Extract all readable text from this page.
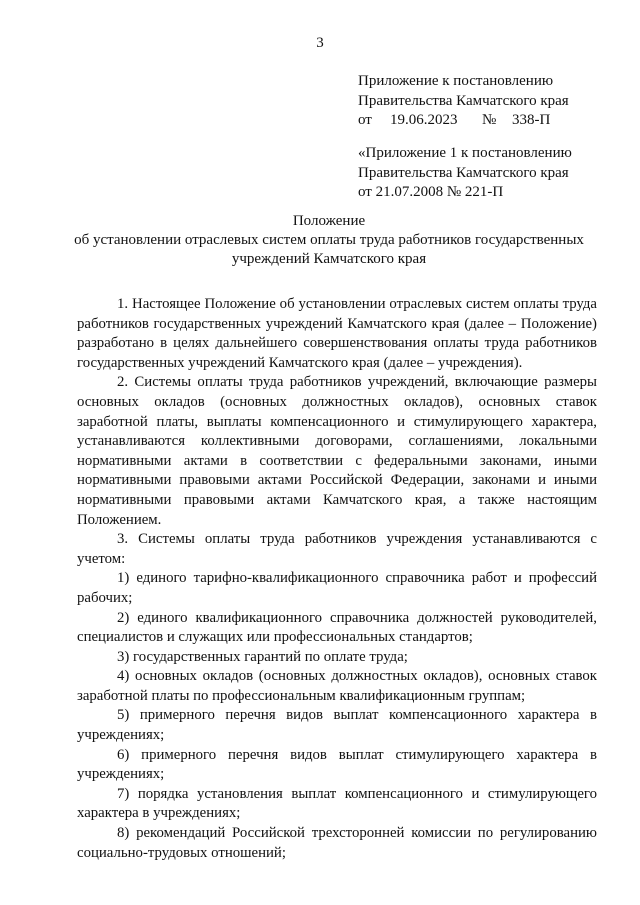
3
Приложение к постановлению
Правительства Камчатского края
от 19.06.2023 № 338-П
«Приложение 1 к постановлению
Правительства Камчатского края
от 21.07.2008 № 221-П
Положение
об установлении отраслевых систем оплаты труда работников государственных учреждений Камчатского края

1. Настоящее Положение об установлении отраслевых систем оплаты труда работников государственных учреждений Камчатского края (далее – Положение) разработано в целях дальнейшего совершенствования оплаты труда работников государственных учреждений Камчатского края (далее – учреждения).

2. Системы оплаты труда работников учреждений, включающие размеры основных окладов (основных должностных окладов), основных ставок заработной платы, выплаты компенсационного и стимулирующего характера, устанавливаются коллективными договорами, соглашениями, локальными нормативными актами в соответствии с федеральными законами, иными нормативными правовыми актами Российской Федерации, законами и иными нормативными правовыми актами Камчатского края, а также настоящим Положением.

3. Системы оплаты труда работников учреждения устанавливаются с учетом:

1) единого тарифно-квалификационного справочника работ и профессий рабочих;

2) единого квалификационного справочника должностей руководителей, специалистов и служащих или профессиональных стандартов;

3) государственных гарантий по оплате труда;

4) основных окладов (основных должностных окладов), основных ставок заработной платы по профессиональным квалификационным группам;

5) примерного перечня видов выплат компенсационного характера в учреждениях;

6) примерного перечня видов выплат стимулирующего характера в учреждениях;

7) порядка установления выплат компенсационного и стимулирующего характера в учреждениях;

8) рекомендаций Российской трехсторонней комиссии по регулированию социально-трудовых отношений;
